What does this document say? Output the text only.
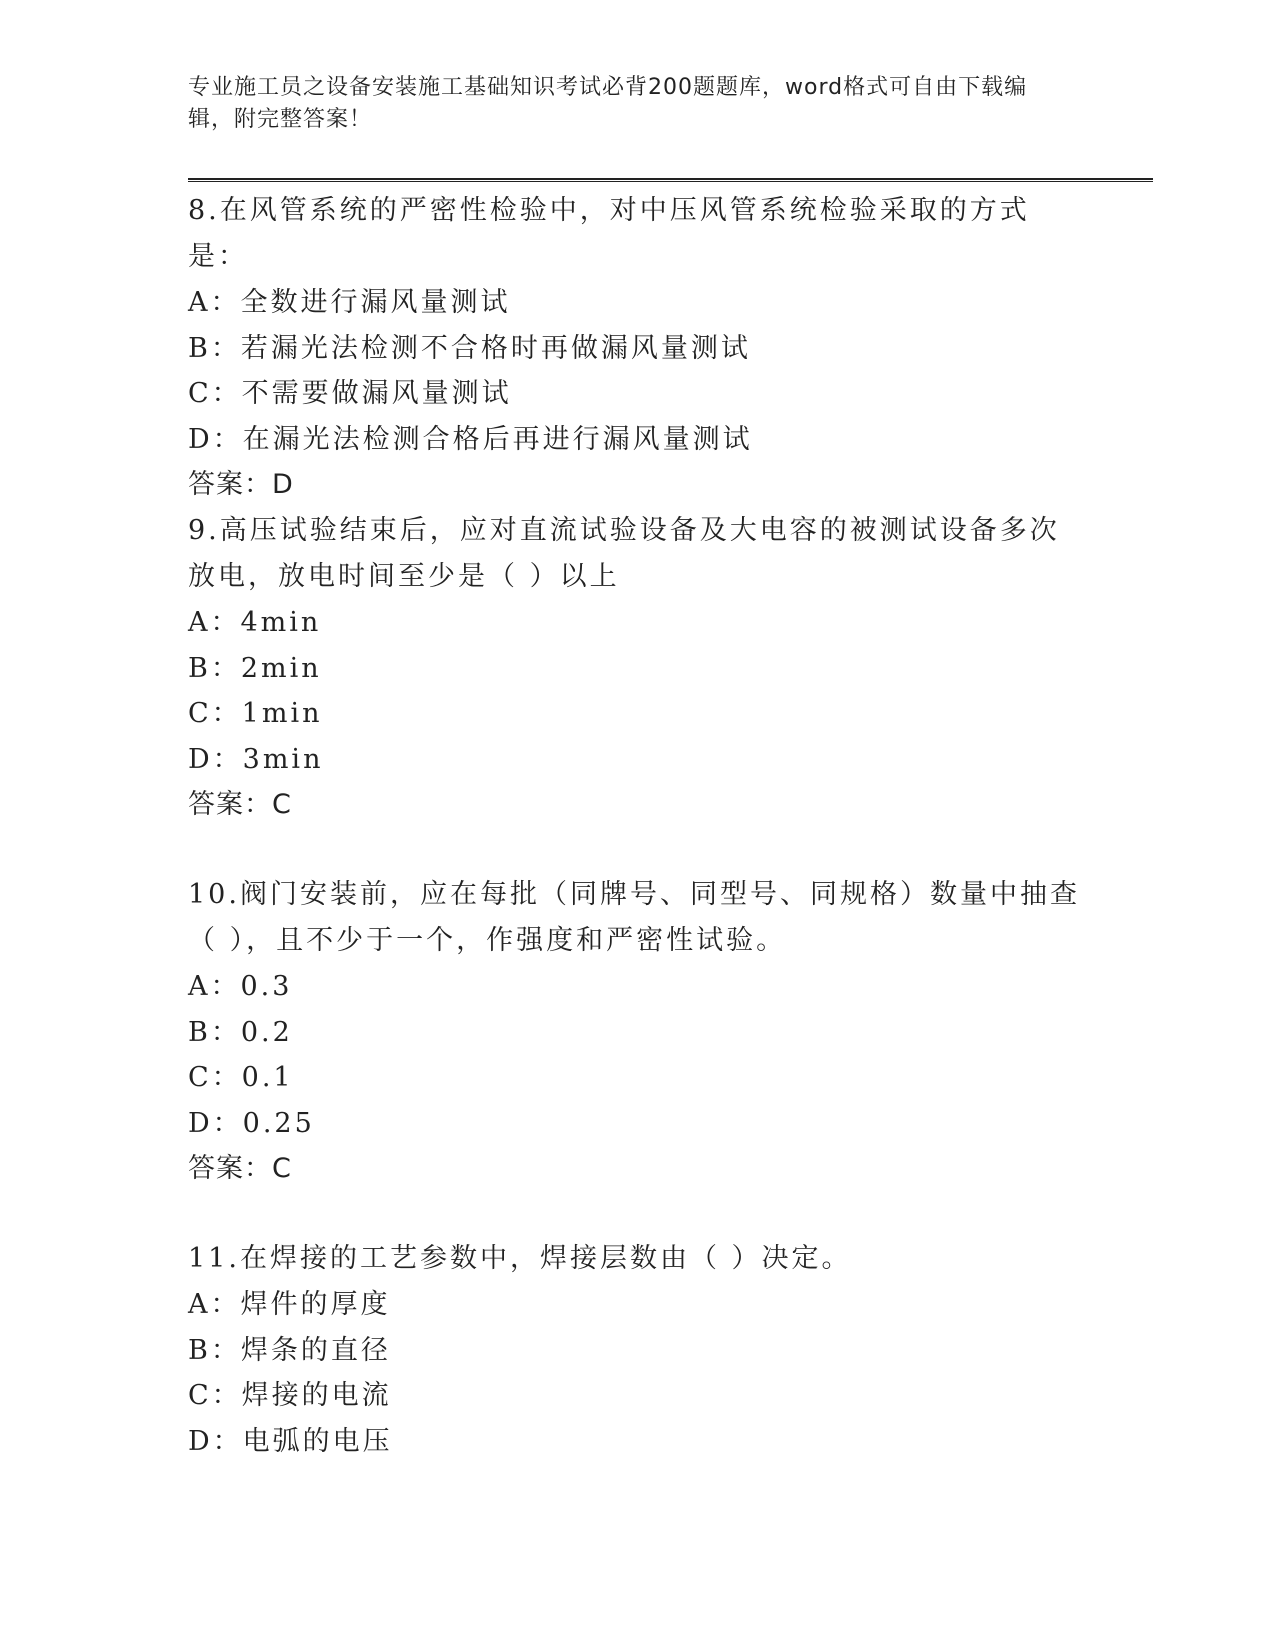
专业施工员之设备安装施工基础知识考试必背200题题库，word格式可自由下载编辑，附完整答案！

8.在风管系统的严密性检验中，对中压风管系统检验采取的方式是：

A：全数进行漏风量测试

B：若漏光法检测不合格时再做漏风量测试

C：不需要做漏风量测试

D：在漏光法检测合格后再进行漏风量测试

答案：D

9.高压试验结束后，应对直流试验设备及大电容的被测试设备多次放电，放电时间至少是（ ）以上

A：4min

B：2min

C：1min

D：3min

答案：C

10.阀门安装前，应在每批（同牌号、同型号、同规格）数量中抽查（ ），且不少于一个，作强度和严密性试验。

A：0.3

B：0.2

C：0.1

D：0.25

答案：C

11.在焊接的工艺参数中，焊接层数由（ ）决定。

A：焊件的厚度

B：焊条的直径

C：焊接的电流

D：电弧的电压
